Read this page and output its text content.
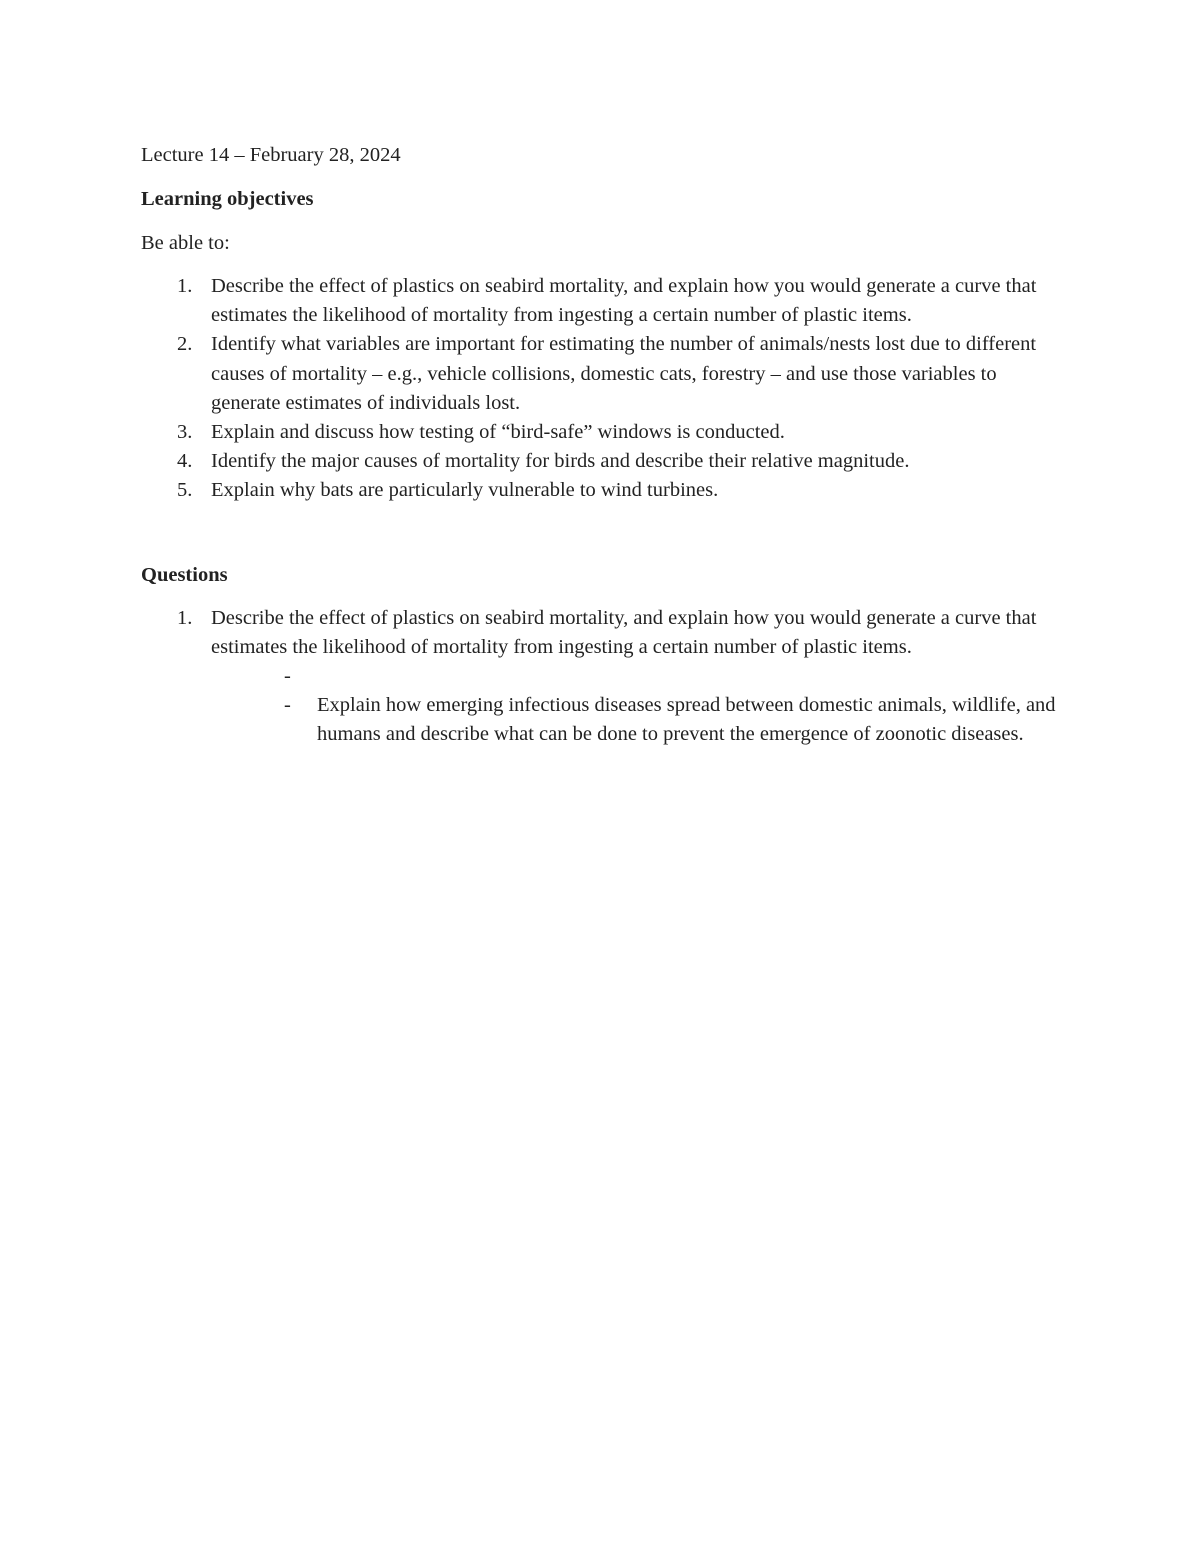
Lecture 14 – February 28, 2024

Learning objectives

Be able to:

1. Describe the effect of plastics on seabird mortality, and explain how you would generate a curve that estimates the likelihood of mortality from ingesting a certain number of plastic items.
2. Identify what variables are important for estimating the number of animals/nests lost due to different causes of mortality – e.g., vehicle collisions, domestic cats, forestry – and use those variables to generate estimates of individuals lost.
3. Explain and discuss how testing of “bird-safe” windows is conducted.
4. Identify the major causes of mortality for birds and describe their relative magnitude.
5. Explain why bats are particularly vulnerable to wind turbines.

Questions

1. Describe the effect of plastics on seabird mortality, and explain how you would generate a curve that estimates the likelihood of mortality from ingesting a certain number of plastic items.
-
- Explain how emerging infectious diseases spread between domestic animals, wildlife, and humans and describe what can be done to prevent the emergence of zoonotic diseases.
